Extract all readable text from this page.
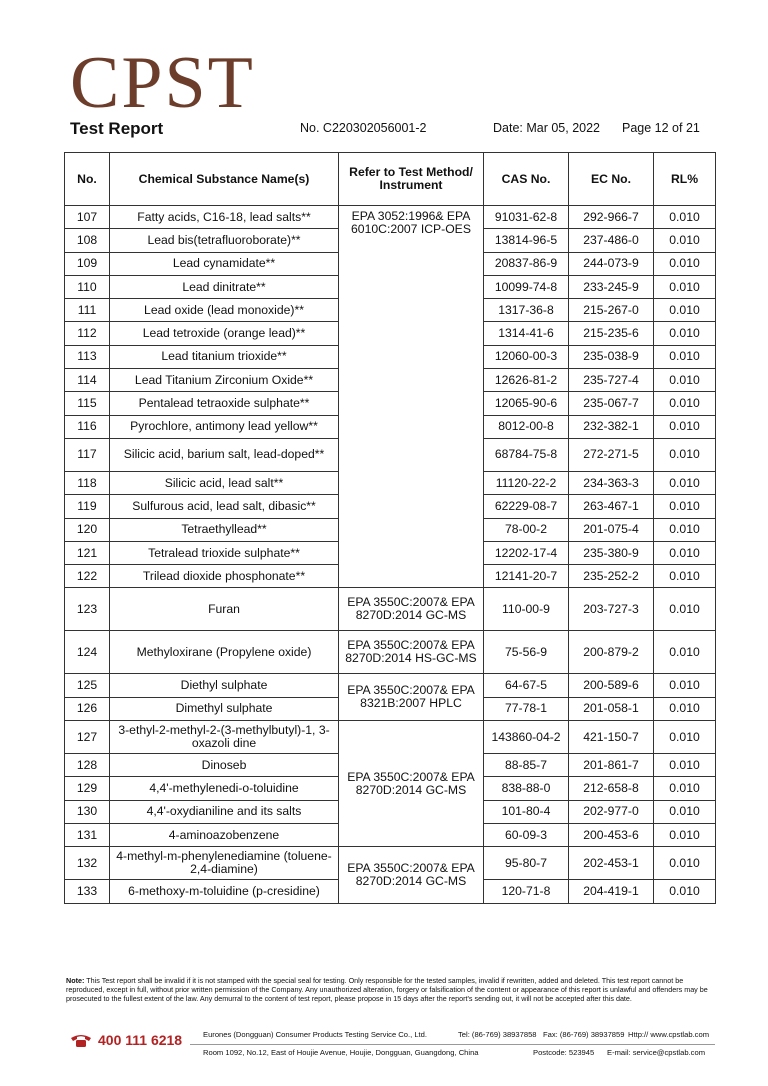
CPST
Test Report	No. C220302056001-2	Date: Mar 05, 2022 Page 12 of 21
No.	Chemical Substance Name(s)	Refer to Test Method/ Instrument	CAS No.	EC No.	RL%
107	Fatty acids, C16-18, lead salts**	EPA 3052:1996& EPA 6010C:2007 ICP-OES	91031-62-8	292-966-7	0.010
108	Lead bis(tetrafluoroborate)**		13814-96-5	237-486-0	0.010
109	Lead cynamidate**		20837-86-9	244-073-9	0.010
110	Lead dinitrate**		10099-74-8	233-245-9	0.010
111	Lead oxide (lead monoxide)**		1317-36-8	215-267-0	0.010
112	Lead tetroxide (orange lead)**		1314-41-6	215-235-6	0.010
113	Lead titanium trioxide**		12060-00-3	235-038-9	0.010
114	Lead Titanium Zirconium Oxide**		12626-81-2	235-727-4	0.010
115	Pentalead tetraoxide sulphate**		12065-90-6	235-067-7	0.010
116	Pyrochlore, antimony lead yellow**		8012-00-8	232-382-1	0.010
117	Silicic acid, barium salt, lead-doped**		68784-75-8	272-271-5	0.010
118	Silicic acid, lead salt**		11120-22-2	234-363-3	0.010
119	Sulfurous acid, lead salt, dibasic**		62229-08-7	263-467-1	0.010
120	Tetraethyllead**		78-00-2	201-075-4	0.010
121	Tetralead trioxide sulphate**		12202-17-4	235-380-9	0.010
122	Trilead dioxide phosphonate**		12141-20-7	235-252-2	0.010
123	Furan	EPA 3550C:2007& EPA 8270D:2014 GC-MS	110-00-9	203-727-3	0.010
124	Methyloxirane (Propylene oxide)	EPA 3550C:2007& EPA 8270D:2014 HS-GC-MS	75-56-9	200-879-2	0.010
125	Diethyl sulphate	EPA 3550C:2007& EPA 8321B:2007 HPLC	64-67-5	200-589-6	0.010
126	Dimethyl sulphate		77-78-1	201-058-1	0.010
127	3-ethyl-2-methyl-2-(3-methylbutyl)-1, 3-oxazoli dine	EPA 3550C:2007& EPA 8270D:2014 GC-MS	143860-04-2	421-150-7	0.010
128	Dinoseb		88-85-7	201-861-7	0.010
129	4,4'-methylenedi-o-toluidine		838-88-0	212-658-8	0.010
130	4,4'-oxydianiline and its salts		101-80-4	202-977-0	0.010
131	4-aminoazobenzene		60-09-3	200-453-6	0.010
132	4-methyl-m-phenylenediamine (toluene-2,4-diamine)	EPA 3550C:2007& EPA 8270D:2014 GC-MS	95-80-7	202-453-1	0.010
133	6-methoxy-m-toluidine (p-cresidine)		120-71-8	204-419-1	0.010
Note: This Test report shall be invalid if it is not stamped with the special seal for testing. Only responsible for the tested samples, invalid if rewritten, added and deleted. This test report cannot be reproduced, except in full, without prior written permission of the Company. Any unauthorized alteration, forgery or falsification of the content or appearance of this report is unlawful and offenders may be prosecuted to the fullest extent of the law. Any demurral to the content of test report, please propose in 15 days after the report's sending out, it will not be accepted after this date.
400 111 6218	Eurones (Dongguan) Consumer Products Testing Service Co., Ltd.	Tel: (86-769) 38937858 Fax: (86-769) 38937859 Http:// www.cpstlab.com
Room 1092, No.12, East of Houjie Avenue, Houjie, Dongguan, Guangdong, China	Postcode: 523945 E-mail: service@cpstlab.com
